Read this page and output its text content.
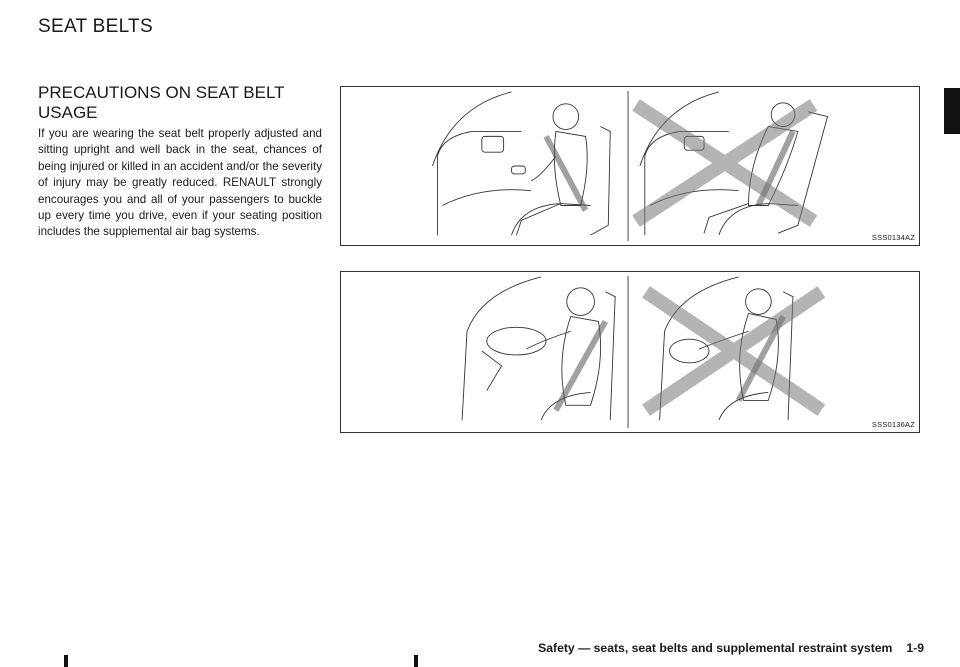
SEAT BELTS
PRECAUTIONS ON SEAT BELT USAGE
If you are wearing the seat belt properly adjusted and sitting upright and well back in the seat, chances of being injured or killed in an accident and/or the severity of injury may be greatly reduced. RENAULT strongly encourages you and all of your passengers to buckle up every time you drive, even if your seating position includes the supplemental air bag systems.	SSS0134AZ
SSS0136AZ
Safety — seats, seat belts and supplemental restraint system 1-9
